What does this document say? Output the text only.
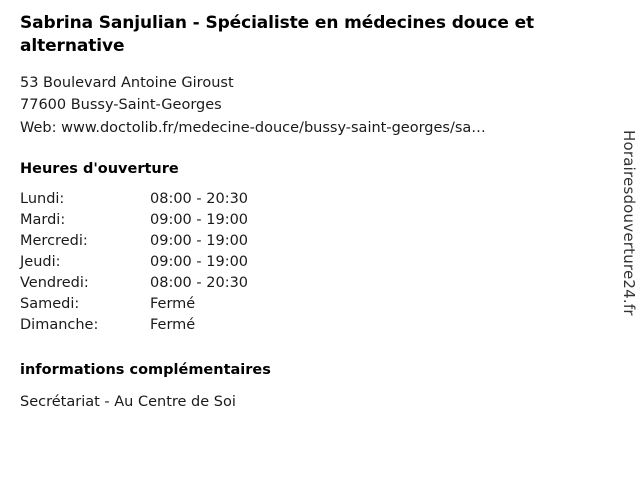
Sabrina Sanjulian - Spécialiste en médecines douce et alternative
53 Boulevard Antoine Giroust
77600 Bussy-Saint-Georges
Web: www.doctolib.fr/medecine-douce/bussy-saint-georges/sa…
Heures d'ouverture
Lundi:	08:00 - 20:30
Mardi:	09:00 - 19:00
Mercredi:	09:00 - 19:00
Jeudi:	09:00 - 19:00
Vendredi:	08:00 - 20:30
Samedi:	Fermé
Dimanche:	Fermé
informations complémentaires
Secrétariat - Au Centre de Soi
Horairesdouverture24.fr
